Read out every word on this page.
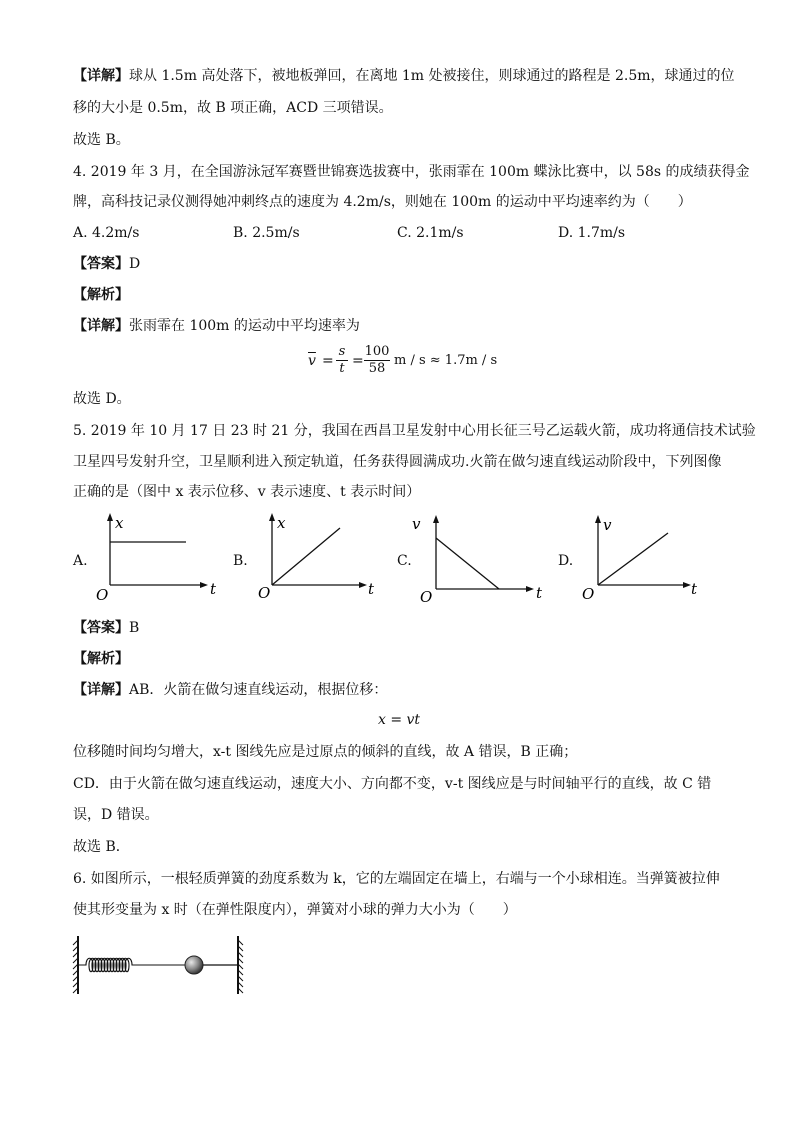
【详解】球从 1.5m 高处落下，被地板弹回，在离地 1m 处被接住，则球通过的路程是 2.5m，球通过的位
移的大小是 0.5m，故 B 项正确，ACD 三项错误。
故选 B。
4. 2019 年 3 月，在全国游泳冠军赛暨世锦赛选拔赛中，张雨霏在 100m 蝶泳比赛中，以 58s 的成绩获得金
牌，高科技记录仪测得她冲刺终点的速度为 4.2m/s，则她在 100m 的运动中平均速率约为（　　）
A. 4.2m/s	B. 2.5m/s	C. 2.1m/s	D. 1.7m/s
【答案】D
【解析】
【详解】张雨霏在 100m 的运动中平均速率为
$\overline{v} = \frac{s}{t} = \frac{100}{58}$ m / s ≈ 1.7m / s
故选 D。
5. 2019 年 10 月 17 日 23 时 21 分，我国在西昌卫星发射中心用长征三号乙运载火箭，成功将通信技术试验
卫星四号发射升空，卫星顺利进入预定轨道，任务获得圆满成功.火箭在做匀速直线运动阶段中，下列图像
正确的是（图中 x 表示位移、v 表示速度、t 表示时间）
A.
x
t
O
B.
x
t
O
C.
v
t
O
D.
v
t
O
【答案】B
【解析】
【详解】AB．火箭在做匀速直线运动，根据位移：
x = vt
位移随时间均匀增大，x-t 图线先应是过原点的倾斜的直线，故 A 错误，B 正确；
CD．由于火箭在做匀速直线运动，速度大小、方向都不变，v-t 图线应是与时间轴平行的直线，故 C 错
误，D 错误。
故选 B．
6. 如图所示，一根轻质弹簧的劲度系数为 k，它的左端固定在墙上，右端与一个小球相连。当弹簧被拉伸
使其形变量为 x 时（在弹性限度内），弹簧对小球的弹力大小为（　　）
